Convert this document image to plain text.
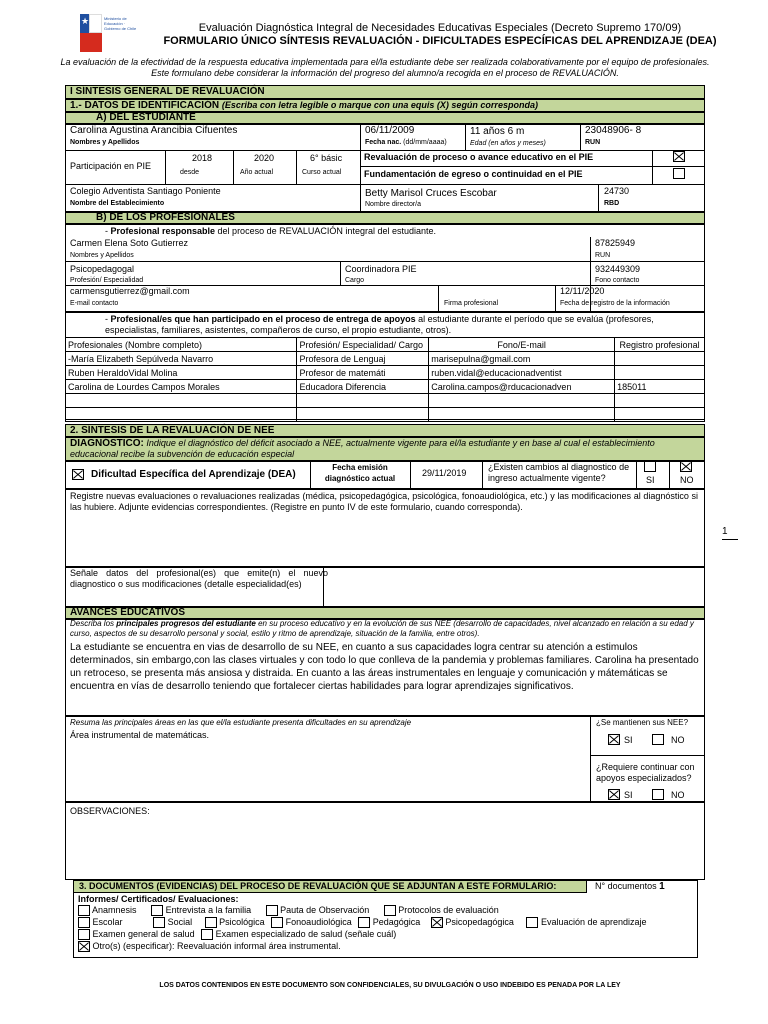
★	Ministerio de Educación · Gobierno de Chile	Evaluación Diagnóstica Integral de Necesidades Educativas Especiales (Decreto Supremo 170/09)
FORMULARIO ÚNICO SÍNTESIS REVALUACIÓN - DIFICULTADES ESPECÍFICAS DEL APRENDIZAJE (DEA)
La evaluación de la efectividad de la respuesta educativa implementada para el/la estudiante debe ser realizada colaborativamente por el equipo de profesionales.
Este formulano debe considerar la información del progreso del alumno/a recogida en el proceso de REVALUACIÓN.
I SÍNTESIS GENERAL DE REVALUACIÓN
1.- DATOS DE IDENTIFICACIÓN (Escriba con letra legible o marque con una equis (X) según corresponda)
A) DEL ESTUDIANTE
Carolina Agustina Arancibia Cifuentes
Nombres y Apellidos
06/11/2009
Fecha nac. (dd/mm/aaaa)
11 años 6 m
Edad (en años y meses)
23048906- 8
RUN
Participación en PIE
2018
desde
2020
Año actual
6° básic
Curso actual
Revaluación de proceso o avance educativo en el PIE
Fundamentación de egreso o continuidad en el PIE
Colegio Adventista Santiago Poniente
Nombre del Establecimiento
Betty Marisol Cruces Escobar
Nombre director/a
24730
RBD
B) DE LOS PROFESIONALES
- Profesional responsable del proceso de REVALUACIÓN integral del estudiante.
Carmen Elena Soto Gutierrez
Nombres y Apellidos
87825949
RUN
Psicopedagogal
Profesión/ Especialidad
Coordinadora PIE
Cargo
932449309
Fono contacto
carmensgutierrez@gmail.com
E-mail contacto	Firma profesional
12/11/2020
Fecha de registro de la información
- Profesional/es que han participado en el proceso de entrega de apoyos al estudiante durante el período que se evalúa (profesores, especialistas, familiares, asistentes, compañeros de curso, el propio estudiante, otros).
Profesionales (Nombre completo)	Profesión/ Especialidad/ Cargo	Fono/E-mail	Registro profesional
-María Elizabeth Sepúlveda Navarro	Profesora de Lenguaj	marisepulna@gmail.com	
Ruben HeraldoVidal Molina	Profesor de matemáti	ruben.vidal@educacionadventist	
Carolina de Lourdes Campos Morales	Educadora Diferencia	Carolina.campos@rducacionadven	185011

2. SÍNTESIS DE LA REVALUACIÓN DE NEE
DIAGNÓSTICO: Indique el diagnóstico del déficit asociado a NEE, actualmente vigente para el/la estudiante y en base al cual el establecimiento educacional recibe la subvención de educación especial
Dificultad Específica del Aprendizaje (DEA)
Fecha emisión diagnóstico actual
29/11/2019
¿Existen cambios al diagnostico de ingreso actualmente vigente?	SI	NO
Registre nuevas evaluaciones o revaluaciones realizadas (médica, psicopedagógica, psicológica, fonoaudiológica, etc.) y las modificaciones al diagnóstico si las hubiere. Adjunte evidencias correspondientes. (Registre en punto IV de este formulario, cuando corresponda).
1
Señale datos del profesional(es) que emite(n) el nuevo diagnostico o sus modificaciones (detalle especialidad(es)
AVANCES EDUCATIVOS
Describa los principales progresos del estudiante en su proceso educativo y en la evolución de sus NEE (desarrollo de capacidades, nivel alcanzado en relación a su edad y curso, aspectos de su desarrollo personal y social, estilo y ritmo de aprendizaje, situación de la familia, entre otros).
La estudiante se encuentra en vias de desarrollo de su NEE, en cuanto a sus capacidades logra centrar su atención a estimulos determinados, sin embargo,con las clases virtuales y con todo lo que conlleva de la pandemia y problemas familiares. Carolina ha presentado un retroceso, se presenta más ansiosa y distraida. En cuanto a las áreas instrumentales en lenguaje y comunicación y mátemáticas se encuentra en vías de desarrollo teniendo que fortalecer ciertas habilidades para lograr aprendizajes significativos.
Resuma las principales áreas en las que el/la estudiante presenta dificultades en su aprendizaje
Área instrumental de matemáticas.
¿Se mantienen sus NEE?
SI	NO
¿Requiere continuar con apoyos especializados?
SI	NO
OBSERVACIONES:
3. DOCUMENTOS (EVIDENCIAS) DEL PROCESO DE REVALUACIÓN QUE SE ADJUNTAN A ESTE FORMULARIO:	N° documentos 1
Informes/ Certificados/ Evaluaciones:
Anamnesis	Entrevista a la familia	Pauta de Observación	Protocolos de evaluación
Escolar	Social	Psicológica Fonoaudiológica Pedagógica	Psicopedagógica	Evaluación de aprendizaje
Examen general de salud Examen especializado de salud (señale cuál)
Otro(s) (especificar): Reevaluación informal área instrumental.
LOS DATOS CONTENIDOS EN ESTE DOCUMENTO SON CONFIDENCIALES, SU DIVULGACIÓN O USO INDEBIDO ES PENADA POR LA LEY
